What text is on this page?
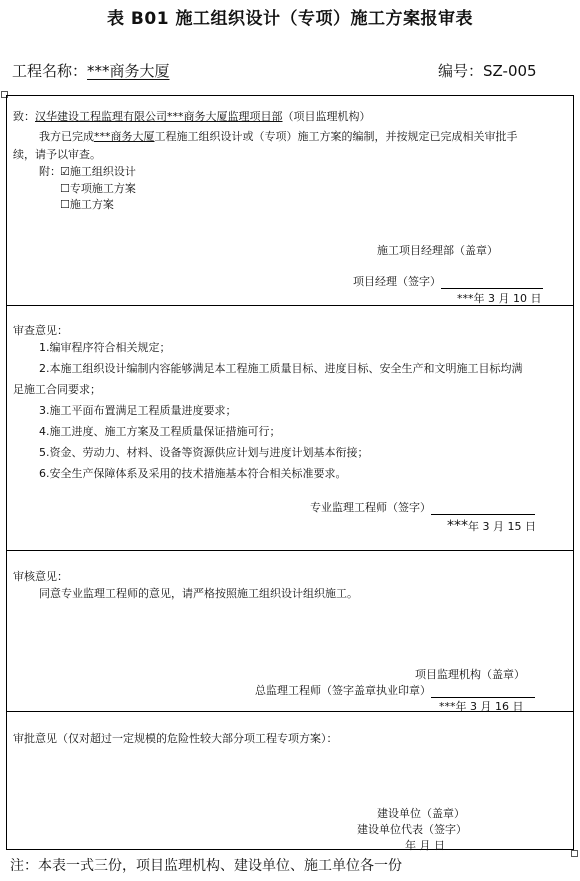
表 B01 施工组织设计（专项）施工方案报审表
工程名称：***商务大厦	编号：SZ-005
致：汉华建设工程监理有限公司***商务大厦监理项目部（项目监理机构）
我方已完成***商务大厦工程施工组织设计或（专项）施工方案的编制，并按规定已完成相关审批手
续，请予以审查。
附： ☑施工组织设计
☐专项施工方案
☐施工方案
施工项目经理部（盖章）
项目经理（签字）
***年 3 月 10 日
审查意见：
1.编审程序符合相关规定；
2.本施工组织设计编制内容能够满足本工程施工质量目标、进度目标、安全生产和文明施工目标均满
足施工合同要求；
3.施工平面布置满足工程质量进度要求；
4.施工进度、施工方案及工程质量保证措施可行；
5.资金、劳动力、材料、设备等资源供应计划与进度计划基本衔接；
6.安全生产保障体系及采用的技术措施基本符合相关标准要求。
专业监理工程师（签字）
***年 3 月 15 日
审核意见：
同意专业监理工程师的意见，请严格按照施工组织设计组织施工。
项目监理机构（盖章）
总监理工程师（签字盖章执业印章）
***年 3 月 16 日
审批意见（仅对超过一定规模的危险性较大部分项工程专项方案）：
建设单位（盖章）
建设单位代表（签字）
年 月 日
注：本表一式三份，项目监理机构、建设单位、施工单位各一份
